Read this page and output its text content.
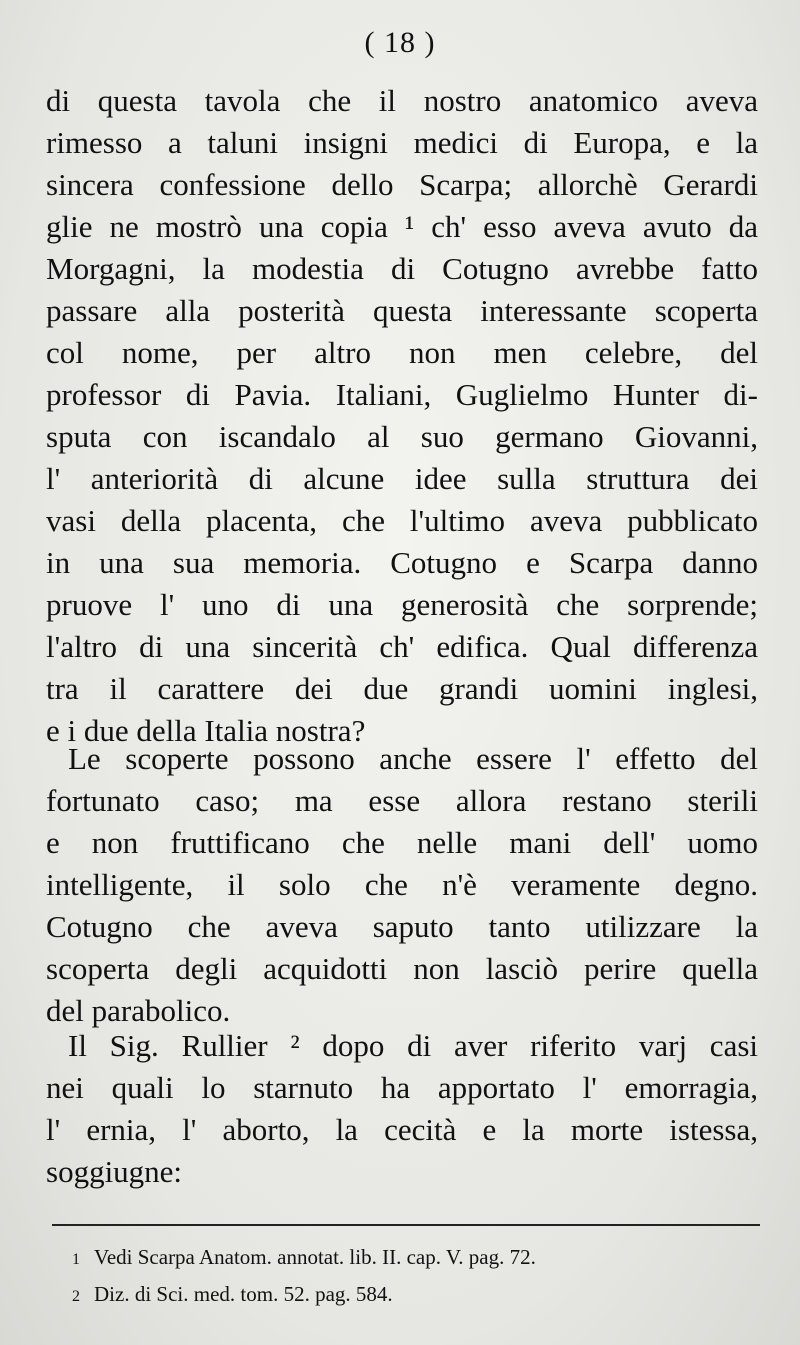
( 18 )
di questa tavola che il nostro anatomico aveva
rimesso a taluni insigni medici di Europa, e la
sincera confessione dello Scarpa; allorchè Gerardi
glie ne mostrò una copia ¹ ch' esso aveva avuto da
Morgagni, la modestia di Cotugno avrebbe fatto
passare alla posterità questa interessante scoperta
col nome, per altro non men celebre, del
professor di Pavia. Italiani, Guglielmo Hunter di-
sputa con iscandalo al suo germano Giovanni,
l' anteriorità di alcune idee sulla struttura dei
vasi della placenta, che l'ultimo aveva pubblicato
in una sua memoria. Cotugno e Scarpa danno
pruove l' uno di una generosità che sorprende;
l'altro di una sincerità ch' edifica. Qual differenza
tra il carattere dei due grandi uomini inglesi,
e i due della Italia nostra?
Le scoperte possono anche essere l' effetto del
fortunato caso; ma esse allora restano sterili
e non fruttificano che nelle mani dell' uomo
intelligente, il solo che n'è veramente degno.
Cotugno che aveva saputo tanto utilizzare la
scoperta degli acquidotti non lasciò perire quella
del parabolico.
Il Sig. Rullier ² dopo di aver riferito varj casi
nei quali lo starnuto ha apportato l' emorragia,
l' ernia, l' aborto, la cecità e la morte istessa,
soggiugne:
1 Vedi Scarpa Anatom. annotat. lib. II. cap. V. pag. 72.
2 Diz. di Sci. med. tom. 52. pag. 584.
